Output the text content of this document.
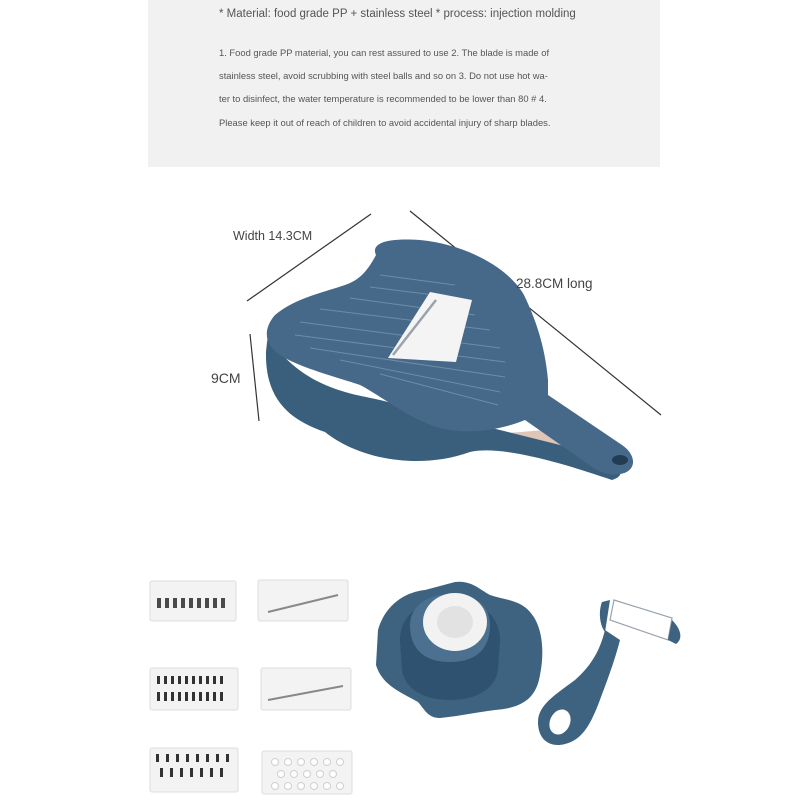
* Material: food grade PP + stainless steel * process: injection molding

1. Food grade PP material, you can rest assured to use 2. The blade is made of
stainless steel, avoid scrubbing with steel balls and so on 3. Do not use hot wa-
ter to disinfect, the water temperature is recommended to be lower than 80 # 4.
Please keep it out of reach of children to avoid accidental injury of sharp blades.

Width 14.3CM
28.8CM long
9CM
